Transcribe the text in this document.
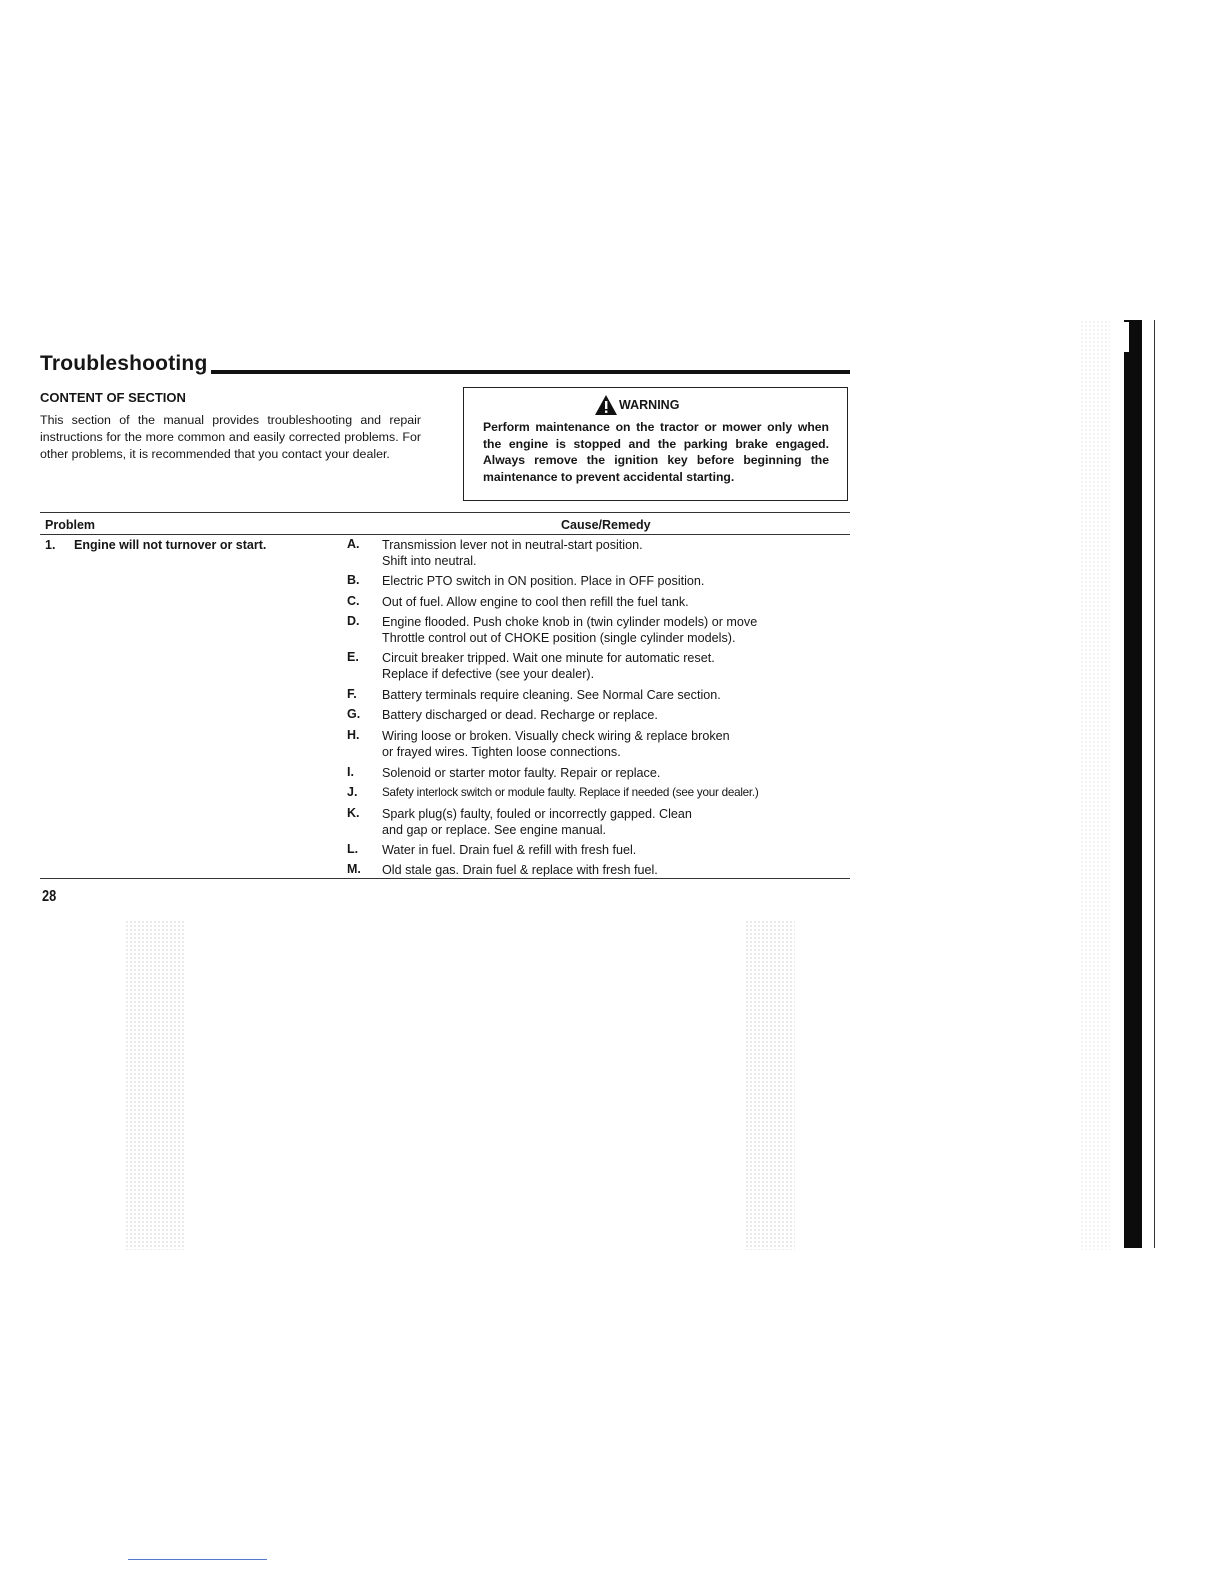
Troubleshooting
CONTENT OF SECTION
This section of the manual provides troubleshooting and repair instructions for the more common and easily corrected problems. For other problems, it is recommended that you contact your dealer.
WARNING
Perform maintenance on the tractor or mower only when the engine is stopped and the parking brake engaged. Always remove the ignition key before beginning the maintenance to prevent accidental starting.
Problem	Cause/Remedy
1. Engine will not turnover or start.	A. Transmission lever not in neutral-start position.
Shift into neutral.
B. Electric PTO switch in ON position. Place in OFF position.
C. Out of fuel. Allow engine to cool then refill the fuel tank.
D. Engine flooded. Push choke knob in (twin cylinder models) or move
Throttle control out of CHOKE position (single cylinder models).
E. Circuit breaker tripped. Wait one minute for automatic reset.
Replace if defective (see your dealer).
F. Battery terminals require cleaning. See Normal Care section.
G. Battery discharged or dead. Recharge or replace.
H. Wiring loose or broken. Visually check wiring & replace broken
or frayed wires. Tighten loose connections.
I. Solenoid or starter motor faulty. Repair or replace.
J. Safety interlock switch or module faulty. Replace if needed (see your dealer.)
K. Spark plug(s) faulty, fouled or incorrectly gapped. Clean
and gap or replace. See engine manual.
L. Water in fuel. Drain fuel & refill with fresh fuel.
M. Old stale gas. Drain fuel & replace with fresh fuel.
28
